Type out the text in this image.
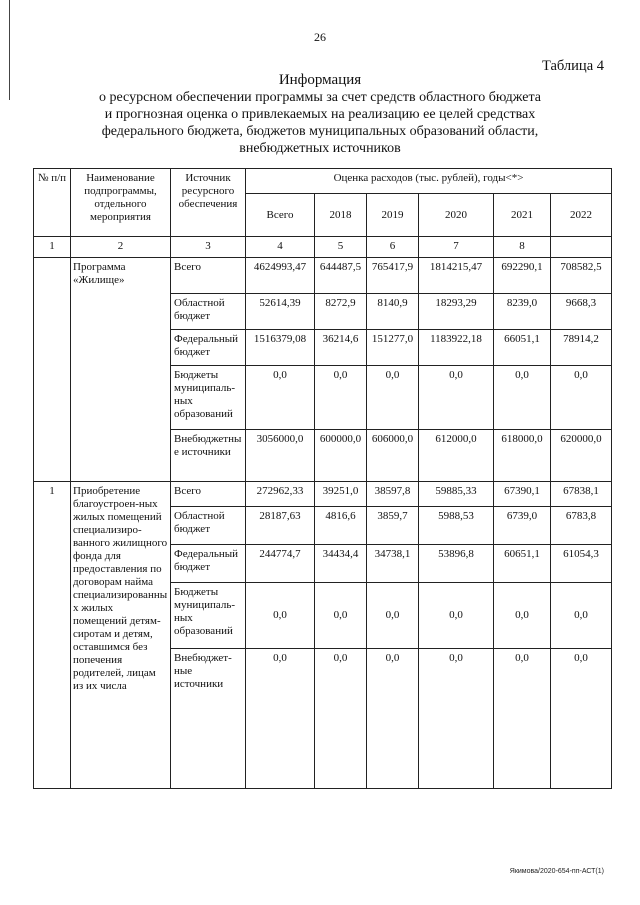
26
Таблица 4
Информация
о ресурсном обеспечении программы за счет средств областного бюджета
и прогнозная оценка о привлекаемых на реализацию ее целей средствах
федерального бюджета, бюджетов муниципальных образований области,
внебюджетных источников
№ п/п	Наименование подпрограммы, отдельного мероприятия	Источник ресурсного обеспечения	Оценка расходов (тыс. рублей), годы<*>					
			Всего	2018	2019	2020	2021	2022
1	2	3	4	5	6	7	8	
	Программа «Жилище»	Всего	4624993,47	644487,5	765417,9	1814215,47	692290,1	708582,5
		Областной бюджет	52614,39	8272,9	8140,9	18293,29	8239,0	9668,3
		Федеральный бюджет	1516379,08	36214,6	151277,0	1183922,18	66051,1	78914,2
		Бюджеты муниципаль-ных образований	0,0	0,0	0,0	0,0	0,0	0,0
		Внебюджетные источники	3056000,0	600000,0	606000,0	612000,0	618000,0	620000,0
1	Приобретение благоустроен-ных жилых помещений специализиро-ванного жилищного фонда для предоставления по договорам найма специализированных жилых помещений детям-сиротам и детям, оставшимся без попечения родителей, лицам из их числа	Всего	272962,33	39251,0	38597,8	59885,33	67390,1	67838,1
		Областной бюджет	28187,63	4816,6	3859,7	5988,53	6739,0	6783,8
		Федеральный бюджет	244774,7	34434,4	34738,1	53896,8	60651,1	61054,3
		Бюджеты муниципаль-ных образований	0,0	0,0	0,0	0,0	0,0	0,0
		Внебюджет-ные источники	0,0	0,0	0,0	0,0	0,0	0,0
Якимова/2020-654-пп-АСТ(1)
